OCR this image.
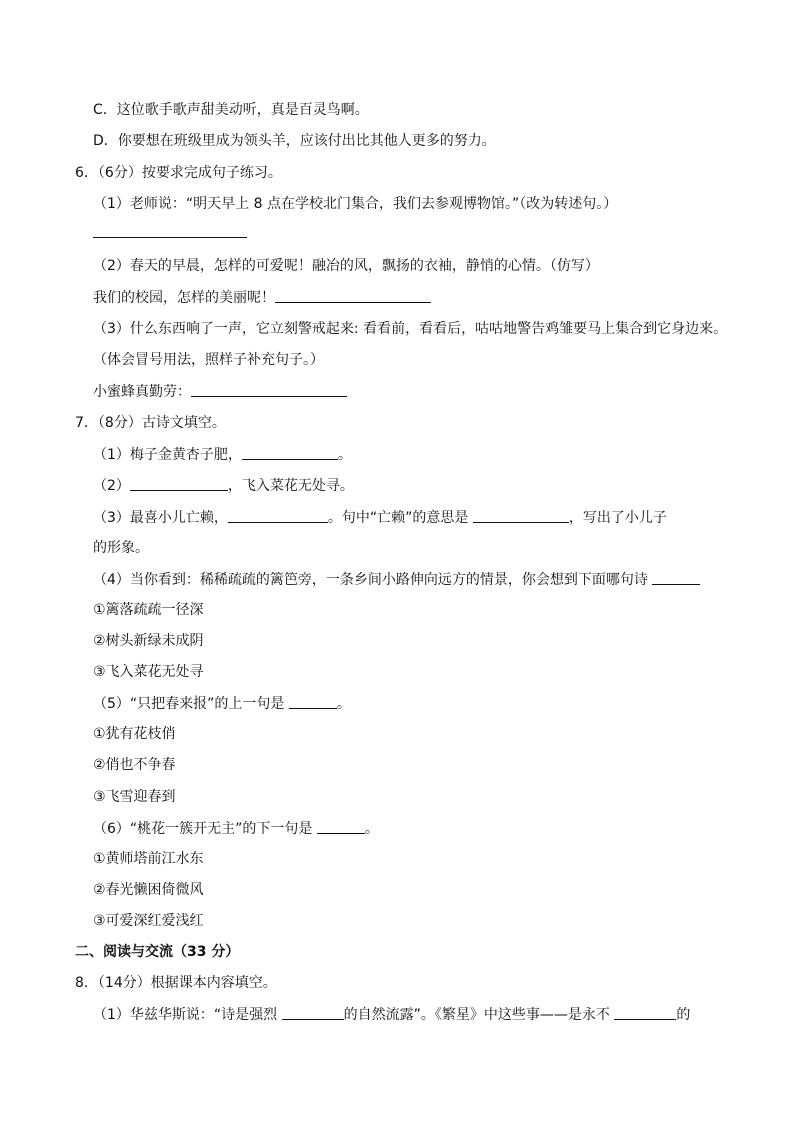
C．这位歌手歌声甜美动听，真是百灵鸟啊。
D．你要想在班级里成为领头羊，应该付出比其他人更多的努力。
6．（6分）按要求完成句子练习。
（1）老师说：“明天早上 8 点在学校北门集合，我们去参观博物馆。”（改为转述句。）
（2）春天的早晨，怎样的可爱呢！融冶的风，飘扬的衣袖，静悄的心情。（仿写）
我们的校园，怎样的美丽呢！
（3）什么东西响了一声，它立刻警戒起来: 看看前，看看后，咕咕地警告鸡雏要马上集合到它身边来。
（体会冒号用法，照样子补充句子。）
小蜜蜂真勤劳：
7．（8分）古诗文填空。
（1）梅子金黄杏子肥，	。
（2）	，飞入菜花无处寻。
（3）最喜小儿亡赖，	。句中“亡赖”的意思是	，写出了小儿子
的形象。
（4）当你看到：稀稀疏疏的篱笆旁，一条乡间小路伸向远方的情景，你会想到下面哪句诗
①篱落疏疏一径深
②树头新绿未成阴
③飞入菜花无处寻
（5）“只把春来报”的上一句是	。
①犹有花枝俏
②俏也不争春
③飞雪迎春到
（6）“桃花一簇开无主”的下一句是	。
①黄师塔前江水东
②春光懒困倚微风
③可爱深红爱浅红
二、阅读与交流（33 分）
8．（14分）根据课本内容填空。
（1）华兹华斯说：“诗是强烈	的自然流露”。《繁星》中这些事——是永不	的
